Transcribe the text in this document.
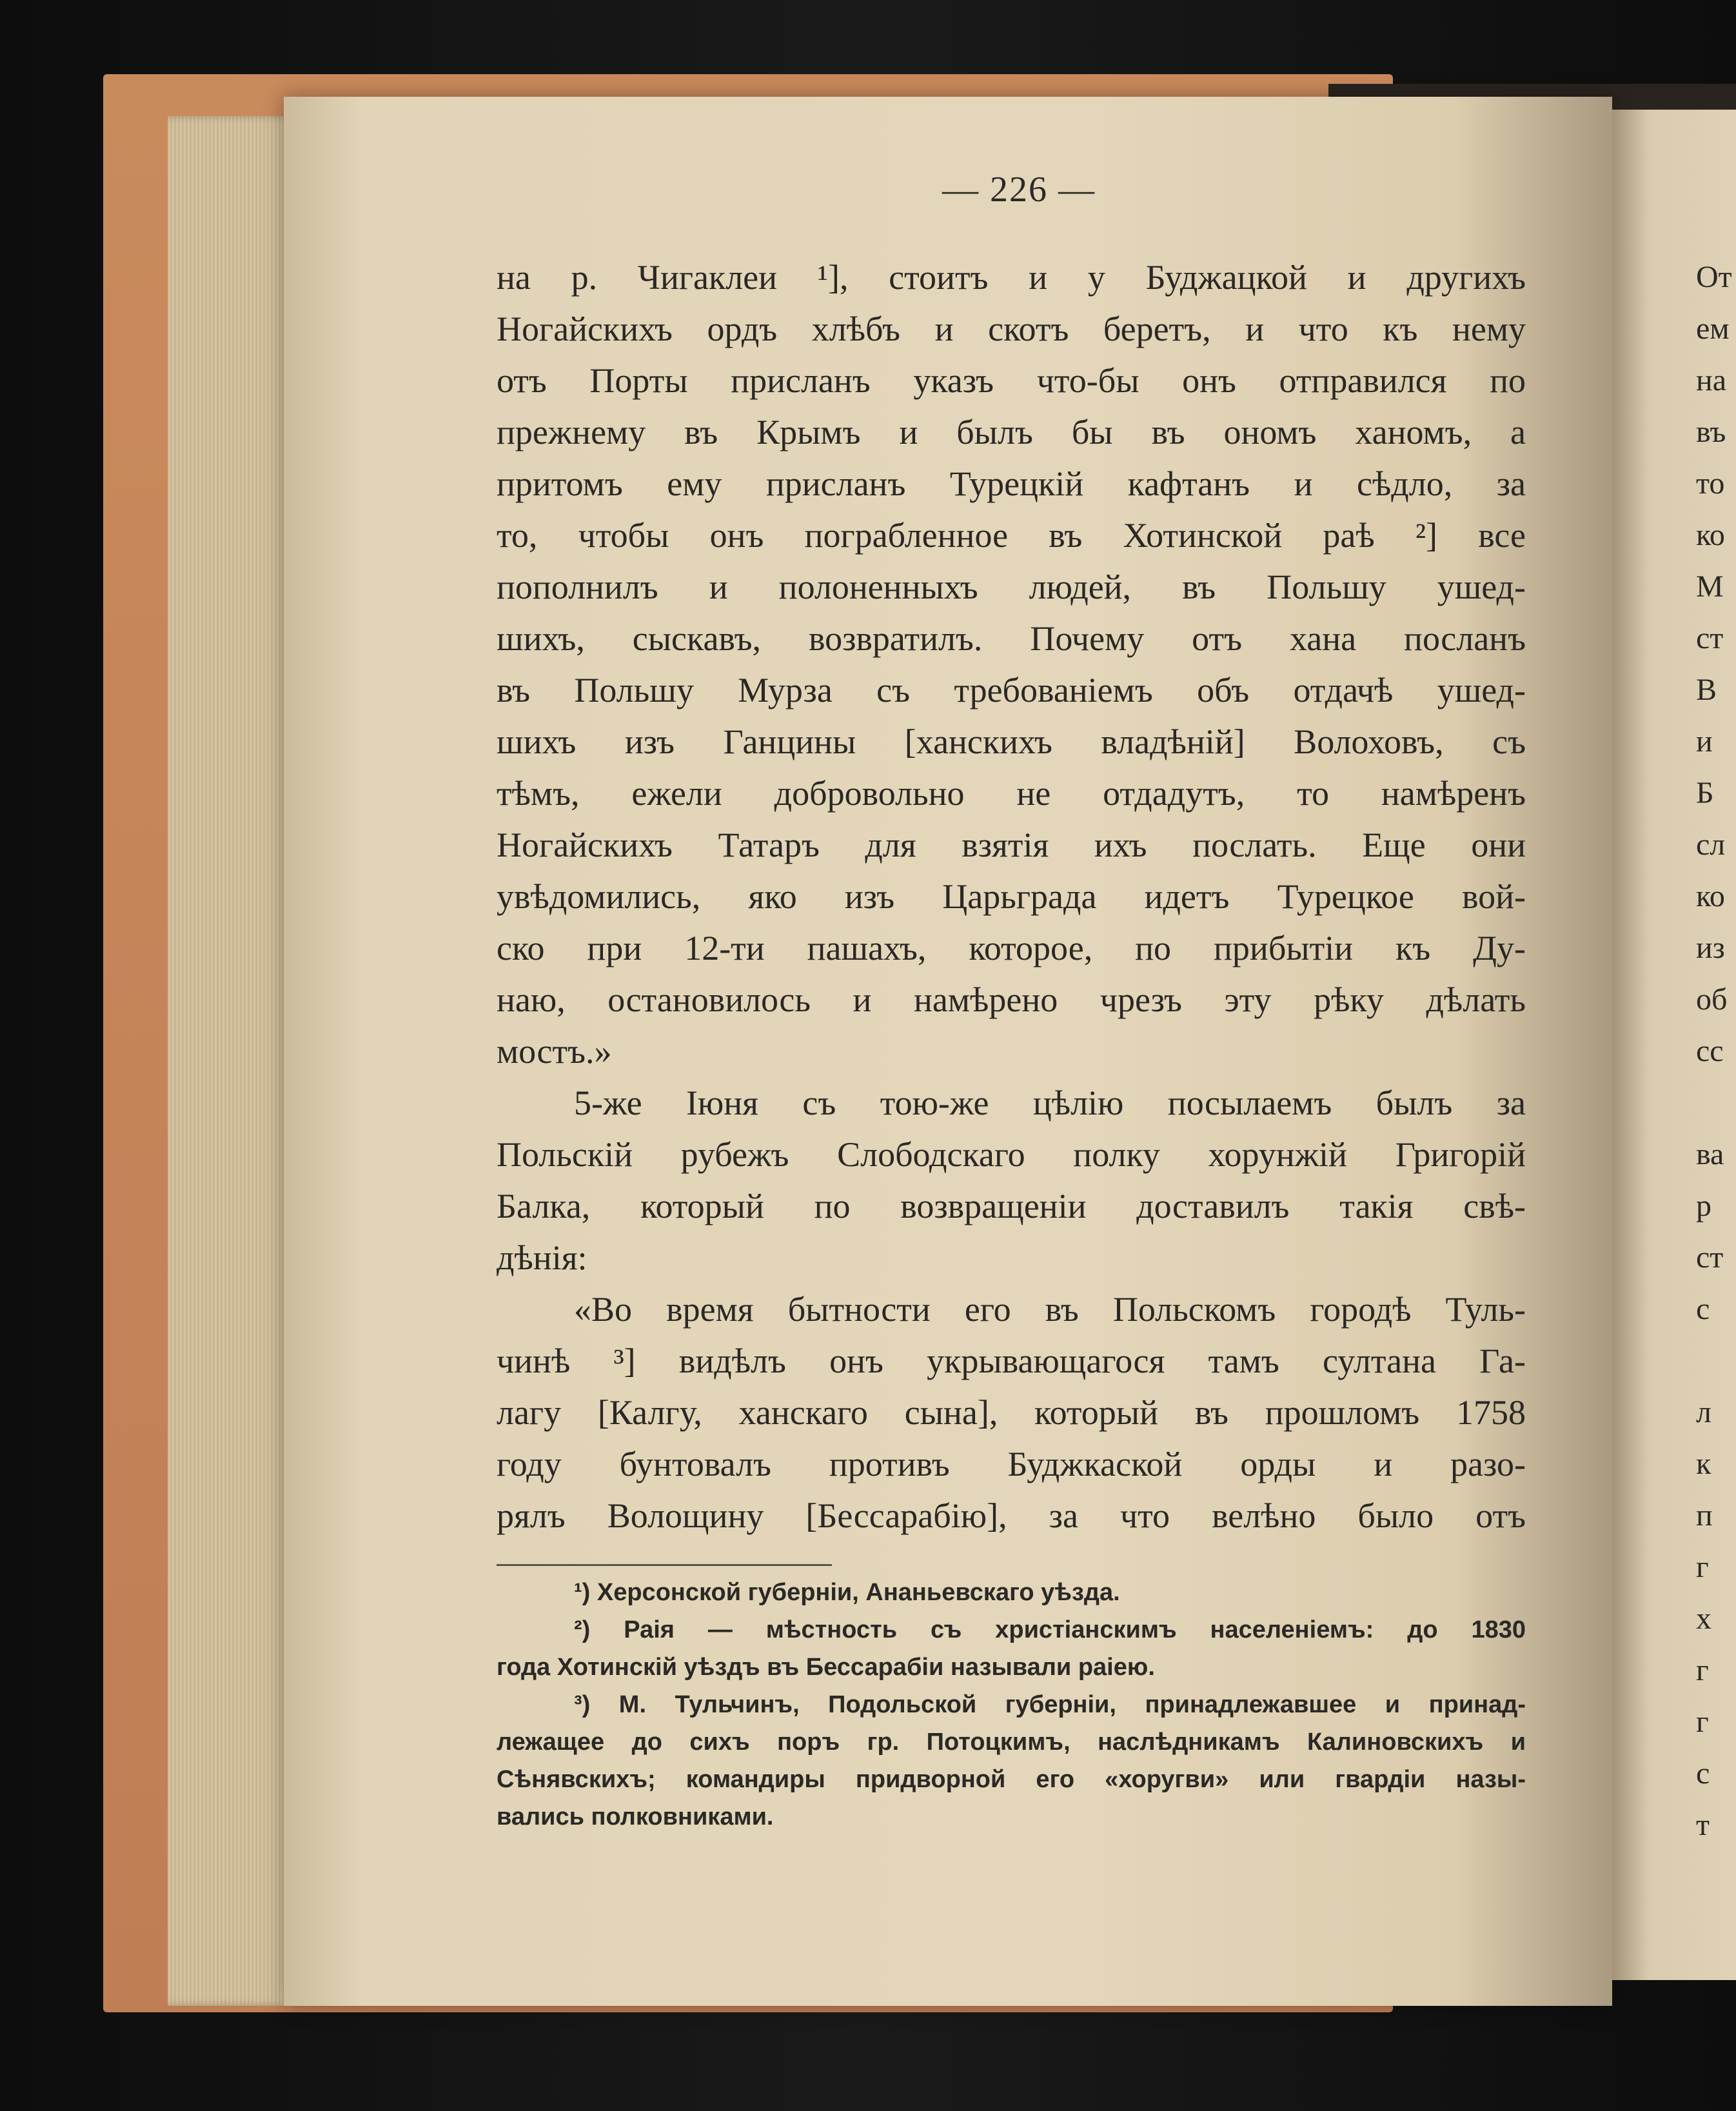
— 226 —
на р. Чигаклеи ¹], стоитъ и у Буджацкой и другихъ
Ногайскихъ ордъ хлѣбъ и скотъ беретъ, и что къ нему
отъ Порты присланъ указъ что-бы онъ отправился по
прежнему въ Крымъ и былъ бы въ ономъ ханомъ, а
притомъ ему присланъ Турецкій кафтанъ и сѣдло, за
то, чтобы онъ пограбленное въ Хотинской раѣ ²] все
пополнилъ и полоненныхъ людей, въ Польшу ушед-
шихъ, сыскавъ, возвратилъ. Почему отъ хана посланъ
въ Польшу Мурза съ требованіемъ объ отдачѣ ушед-
шихъ изъ Ганцины [ханскихъ владѣній] Волоховъ, съ
тѣмъ, ежели добровольно не отдадутъ, то намѣренъ
Ногайскихъ Татаръ для взятія ихъ послать. Еще они
увѣдомились, яко изъ Царьграда идетъ Турецкое вой-
ско при 12-ти пашахъ, которое, по прибытіи къ Ду-
наю, остановилось и намѣрено чрезъ эту рѣку дѣлать
мостъ.»
5-же Іюня съ тою-же цѣлію посылаемъ былъ за
Польскій рубежъ Слободскаго полку хорунжій Григорій
Балка, который по возвращеніи доставилъ такія свѣ-
дѣнія:
«Во время бытности его въ Польскомъ городѣ Туль-
чинѣ ³] видѣлъ онъ укрывающагося тамъ султана Га-
лагу [Калгу, ханскаго сына], который въ прошломъ 1758
году бунтовалъ противъ Буджкаской орды и разо-
рялъ Волощину [Бессарабію], за что велѣно было отъ
¹) Херсонской губерніи, Ананьевскаго уѣзда.
²) Раія — мѣстность съ христіанскимъ населеніемъ: до 1830
года Хотинскій уѣздъ въ Бессарабіи называли раіею.
³) М. Тульчинъ, Подольской губерніи, принадлежавшее и принад-
лежащее до сихъ поръ гр. Потоцкимъ, наслѣдникамъ Калиновскихъ и
Сѣнявскихъ; командиры придворной его «хоругви» или гвардіи назы-
вались полковниками.
От
ем
на
въ
то
ко
М
ст
В
и
Б
сл
ко
из
об
сс
ва
р
ст
с
л
к
п
г
х
г
г
с
т
